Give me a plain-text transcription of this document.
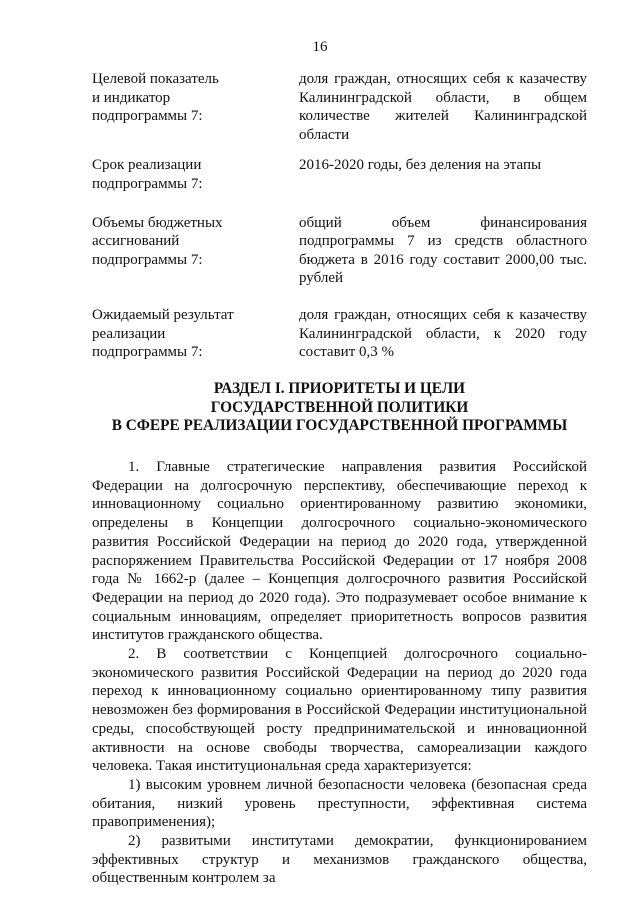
16
Целевой показатель
и индикатор
подпрограммы 7:
доля граждан, относящих себя к казачеству Калининградской области, в общем количестве жителей Калининградской области
Срок реализации
подпрограммы 7:
2016-2020 годы, без деления на этапы
Объемы бюджетных
ассигнований
подпрограммы 7:
общий объем финансирования подпрограммы 7 из средств областного бюджета в 2016 году составит 2000,00 тыс. рублей
Ожидаемый результат
реализации
подпрограммы 7:
доля граждан, относящих себя к казачеству Калининградской области, к 2020 году составит 0,3 %
РАЗДЕЛ I. ПРИОРИТЕТЫ И ЦЕЛИ
ГОСУДАРСТВЕННОЙ ПОЛИТИКИ
В СФЕРЕ РЕАЛИЗАЦИИ ГОСУДАРСТВЕННОЙ ПРОГРАММЫ

1. Главные стратегические направления развития Российской Федерации на долгосрочную перспективу, обеспечивающие переход к инновационному социально ориентированному развитию экономики, определены в Концепции долгосрочного социально-экономического развития Российской Федерации на период до 2020 года, утвержденной распоряжением Правительства Российской Федерации от 17 ноября 2008 года № 1662-р (далее – Концепция долгосрочного развития Российской Федерации на период до 2020 года). Это подразумевает особое внимание к социальным инновациям, определяет приоритетность вопросов развития институтов гражданского общества.

2. В соответствии с Концепцией долгосрочного социально-экономического развития Российской Федерации на период до 2020 года переход к инновационному социально ориентированному типу развития невозможен без формирования в Российской Федерации институциональной среды, способствующей росту предпринимательской и инновационной активности на основе свободы творчества, самореализации каждого человека. Такая институциональная среда характеризуется:

1) высоким уровнем личной безопасности человека (безопасная среда обитания, низкий уровень преступности, эффективная система правоприменения);

2) развитыми институтами демократии, функционированием эффективных структур и механизмов гражданского общества, общественным контролем за
